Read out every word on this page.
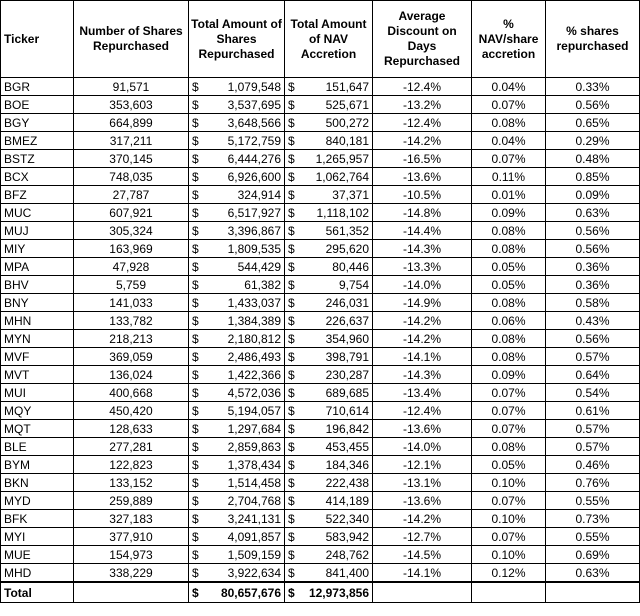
Ticker	Number of Shares Repurchased	Total Amount of Shares Repurchased	Total Amount of NAV Accretion	Average Discount on Days Repurchased	% NAV/share accretion	% shares repurchased
BGR	91,571	$ 1,079,548	$ 151,647	-12.4%	0.04%	0.33%
BOE	353,603	$ 3,537,695	$ 525,671	-13.2%	0.07%	0.56%
BGY	664,899	$ 3,648,566	$ 500,272	-12.4%	0.08%	0.65%
BMEZ	317,211	$ 5,172,759	$ 840,181	-14.2%	0.04%	0.29%
BSTZ	370,145	$ 6,444,276	$ 1,265,957	-16.5%	0.07%	0.48%
BCX	748,035	$ 6,926,600	$ 1,062,764	-13.6%	0.11%	0.85%
BFZ	27,787	$ 324,914	$ 37,371	-10.5%	0.01%	0.09%
MUC	607,921	$ 6,517,927	$ 1,118,102	-14.8%	0.09%	0.63%
MUJ	305,324	$ 3,396,867	$ 561,352	-14.4%	0.08%	0.56%
MIY	163,969	$ 1,809,535	$ 295,620	-14.3%	0.08%	0.56%
MPA	47,928	$ 544,429	$ 80,446	-13.3%	0.05%	0.36%
BHV	5,759	$ 61,382	$ 9,754	-14.0%	0.05%	0.36%
BNY	141,033	$ 1,433,037	$ 246,031	-14.9%	0.08%	0.58%
MHN	133,782	$ 1,384,389	$ 226,637	-14.2%	0.06%	0.43%
MYN	218,213	$ 2,180,812	$ 354,960	-14.2%	0.08%	0.56%
MVF	369,059	$ 2,486,493	$ 398,791	-14.1%	0.08%	0.57%
MVT	136,024	$ 1,422,366	$ 230,287	-14.3%	0.09%	0.64%
MUI	400,668	$ 4,572,036	$ 689,685	-13.4%	0.07%	0.54%
MQY	450,420	$ 5,194,057	$ 710,614	-12.4%	0.07%	0.61%
MQT	128,633	$ 1,297,684	$ 196,842	-13.6%	0.07%	0.57%
BLE	277,281	$ 2,859,863	$ 453,455	-14.0%	0.08%	0.57%
BYM	122,823	$ 1,378,434	$ 184,346	-12.1%	0.05%	0.46%
BKN	133,152	$ 1,514,458	$ 222,438	-13.1%	0.10%	0.76%
MYD	259,889	$ 2,704,768	$ 414,189	-13.6%	0.07%	0.55%
BFK	327,183	$ 3,241,131	$ 522,340	-14.2%	0.10%	0.73%
MYI	377,910	$ 4,091,857	$ 583,942	-12.7%	0.07%	0.55%
MUE	154,973	$ 1,509,159	$ 248,762	-14.5%	0.10%	0.69%
MHD	338,229	$ 3,922,634	$ 841,400	-14.1%	0.12%	0.63%
Total		$ 80,657,676	$ 12,973,856			
